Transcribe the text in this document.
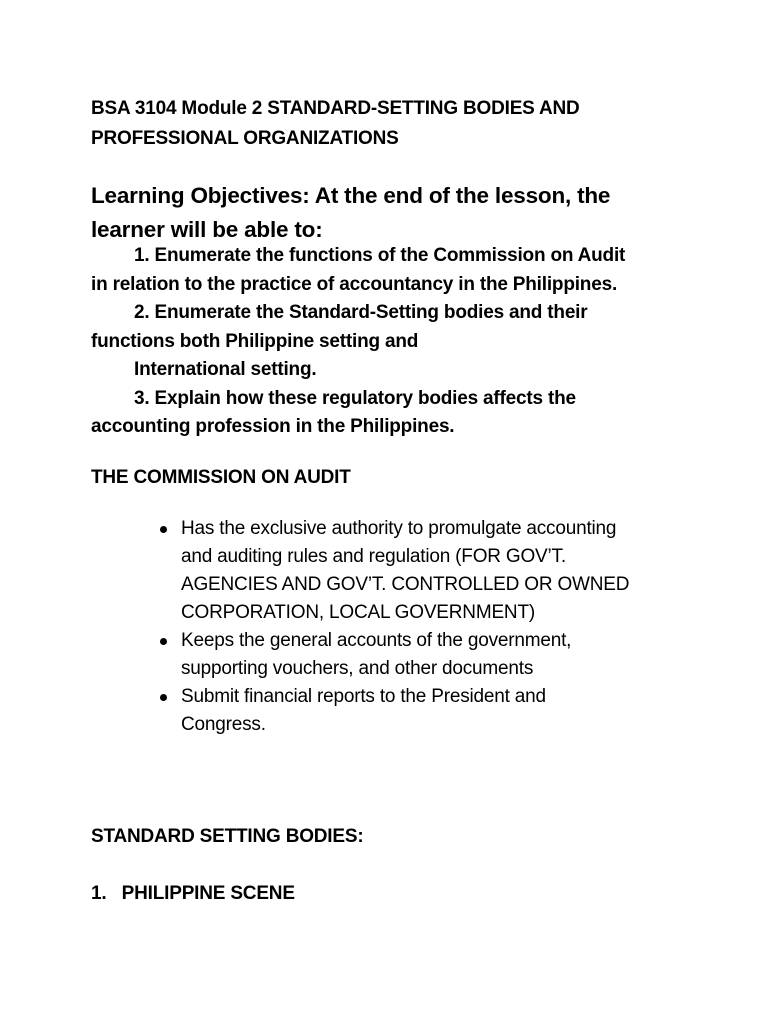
BSA 3104 Module 2 STANDARD-SETTING BODIES AND
PROFESSIONAL ORGANIZATIONS
Learning Objectives: At the end of the lesson, the
learner will be able to:
1. Enumerate the functions of the Commission on Audit
in relation to the practice of accountancy in the Philippines.
2. Enumerate the Standard-Setting bodies and their
functions both Philippine setting and
International setting.
3. Explain how these regulatory bodies affects the
accounting profession in the Philippines.
THE COMMISSION ON AUDIT
Has the exclusive authority to promulgate accounting
and auditing rules and regulation (FOR GOV’T.
AGENCIES AND GOV’T. CONTROLLED OR OWNED
CORPORATION, LOCAL GOVERNMENT)
Keeps the general accounts of the government,
supporting vouchers, and other documents
Submit financial reports to the President and
Congress.
STANDARD SETTING BODIES:
1.   PHILIPPINE SCENE
